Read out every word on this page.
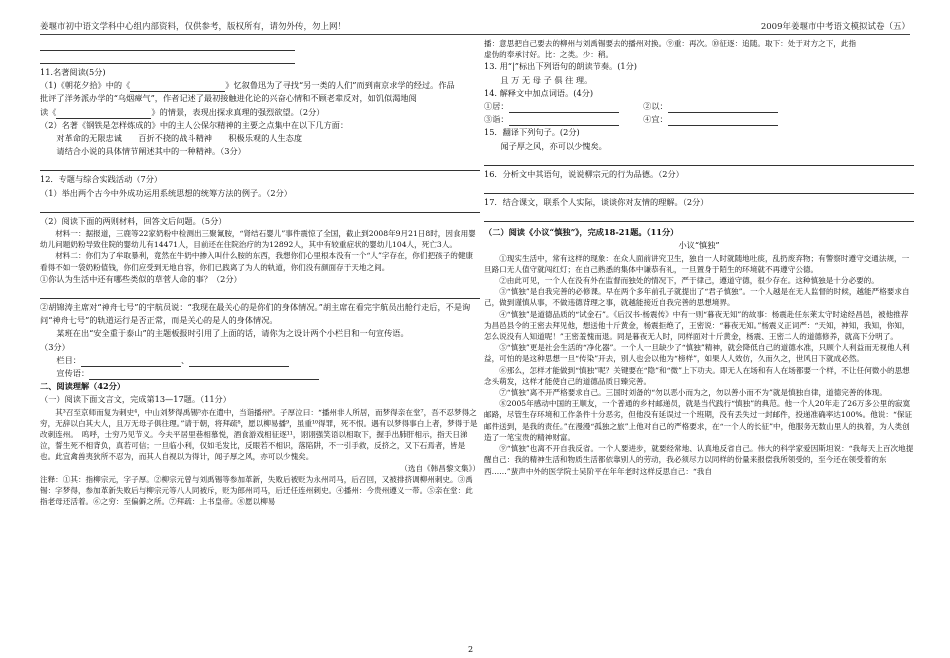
姜堰市初中语文学科中心组内部资料，仅供参考，版权所有，请勿外传，勿上网！	2009年姜堰市中考语文模拟试卷（五）

11.名著阅读(5分)

（1)《朝花夕拾》中的《	》忆叙鲁迅为了寻找“另一类的人们”而到南京求学的经过。作品

批评了洋务派办学的“乌烟瘴气”，作者记述了最初接触进化论的兴奋心情和不顾老辈反对，如饥似渴地阅

读《	》的情景，表现出探求真理的强烈欲望。（2分）

（2）名著《钢铁是怎样炼成的》中的主人公保尔精神的主要之点集中在以下几方面：

对革命的无限忠诚　　百折不挠的战斗精神　　积极乐观的人生态度

请结合小说的具体情节阐述其中的一种精神。（3分）

12．专题与综合实践活动（7分）

（1）举出两个古今中外成功运用系统思想的统筹方法的例子。（2分）

（2）阅读下面的两则材料，回答文后问题。（5分）

材料一：据报道，三鹿等22家奶粉中检测出三聚氰胺，“肾结石婴儿”事件震惊了全国，截止到2008年9月21日8时，因食用婴幼儿问题奶粉导致住院的婴幼儿有14471人，目前还在住院治疗的为12892人，其中有较重症状的婴幼儿104人，死亡3人。

材料二：你们为了牟取暴利，竟然在牛奶中掺入叫什么胺的东西，我想你们心里根本没有一个“人”字存在，你们把孩子的健康看得不如一袋奶粉值钱，你们应受到无地自容，你们已践离了为人的轨道，你们没有颜面存于天地之间。

①你认为生活中还有哪些类似的草菅人命的事？（2分）

②胡锦涛主席对“神舟七号”的宇航员说：“我现在最关心的是你们的身体情况。”胡主席在看完宇航员出舱行走后，不是询问“神舟七号”的轨道运行是否正常，而是关心的是人的身体情况。

某班在出“安全重于泰山”的主题板报时引用了上面的话，请你为之设计两个小栏目和一句宣传语。

（3分）

栏目：	、

宣传语：

二、阅读理解（42分）

（一）阅读下面文言文，完成第13—17题。（11分）

其³召至京师而复为刺史⁴，中山刘梦得禹锡⁵亦在遣中，当诣播州⁶。子厚泣曰：“播州非人所居，而梦得亲在堂⁷，吾不忍梦得之穷，无辞以白其大人，且万无母子俱往理。”请于朝，将拜疏⁸，愿以柳易播⁹，虽重¹⁰得罪，死不恨。遇有以梦得事白上者，梦得于是改刺连州。　呜呼，士穷乃见节义。今夫平居里巷相慕悦，酒食游戏相征逐¹¹，诩诩强笑语以相取下，握手出肺肝相示，指天日涕泣，誓生死不相背负，真若可信；一旦临小利，仅如毛发比，反眼若不相识，落陷阱，不一引手救，反挤之，又下石焉者，皆是也。此宜禽兽夷狄所不忍为，而其人自视以为得计，闻子厚之风，亦可以少愧矣。

（选自《韩昌黎文集》）

注释：①其：指柳宗元，字子厚。②柳宗元曾与刘禹锡等参加革新，失败后被贬为永州司马，后召回，又被排挤调柳州刺史。③禹锡：字梦得，参加革新失败后与柳宗元等八人同被斥，贬为郎州司马，后迁任连州刺史。④播州：今贵州遵义一带。⑤亲在堂：此指老母还活着。⑥之穷：至偏僻之所。⑦拜疏：上书皇帝。⑧愿以柳易

播：意思把自己要去的柳州与刘禹锡要去的播州对换。⑨重：再次。⑩征逐：追随。取下：处于对方之下，此指

虚伪的奉承讨好。比：之类。少：稍。

13. 用“|”标出下列语句的朗读节奏。(1分)

且 万 无 母 子 俱 往 理。

14. 解释文中加点词语。(4分)

①居：　　　	②以：

③诣：　　　	④宜：

15．翻译下列句子。(2分)

闻子厚之风，亦可以少愧矣。

16．分析文中其语句，说说柳宗元的行为品德。（2分）

17．结合课文，联系个人实际，谈谈你对友情的理解。（2分）

（二）阅读《小议“慎独”》，完成18-21题。（11分）

小议“慎独”

①现实生活中，常有这样的现象：在众人面前讲究卫生，独自一人时就随地吐痰，乱扔废弃物；有警察时遵守交通法规，一旦路口无人值守就闯红灯；在自己熟悉的集体中谦恭有礼，一旦置身于陌生的环境就不再遵守公德。

②由此可见，一个人在没有外在监督而独处的情况下，严于律己，遵道守德，很少存在。这种慎独是十分必要的。

③“慎独”是自我完善的必修课。早在两个多年前孔子就提出了“君子慎独”。一个人越是在无人监督的时候，越能严格要求自己，做到谨慎从事，不做违德背理之事，就越能接近自我完善的思想境界。

④“慎独”是道德品质的“试金石”。《后汉书·杨震传》中有一则“暮夜无知”的故事：杨震赴任东莱太守时途经昌邑，被他推荐为昌邑县令的王密去拜见他，想送他十斤黄金，杨震拒绝了，王密说：“暮夜无知。”杨震义正词严：“天知，神知，我知，你知，怎么说没有人知道呢！”王密羞愧而退。同是暮夜无人时，同样面对十斤黄金，杨震、王密二人的道德修养，就高下分明了。

⑤“慎独”更是社会生活的“净化器”。一个人一旦缺少了“慎独”精神，就会降低自己的道德水准，只顾个人利益而无视他人利益，可怕的是这种思想一旦“传染”开去，别人也会以他为“榜样”，如果人人效仿，久而久之，世风日下就成必然。

⑥那么，怎样才能做到“慎独”呢？关键要在“隐”和“微”上下功夫。即无人在场和有人在场都要一个样，不让任何微小的思想念头萌发，这样才能使自己的道德品质日臻完善。

⑦“慎独”离不开严格要求自己。三国时刘备的“勿以恶小而为之，勿以善小而不为”就是慎独自律，道德完善的体现。

⑧2005年感动中国的王顺友，一个普通的乡村邮递员，就是当代践行“慎独”的典范。他一个人20年走了26万多公里的寂寞邮路，尽管生存环境和工作条件十分恶劣，但他没有延误过一个班期，没有丢失过一封邮件，投递准确率达100%。他说：“保证邮件送到，是我的责任。”在漫漫“孤独之旅”上他对自己的严格要求，在“一个人的长征”中，他服务无数山里人的执着，为人类创造了一笔宝贵的精神财富。

⑨“慎独”也离不开自我反省。一个人要进步，就要经常地、认真地反省自己。伟大的科学家爱因斯坦说：“我每天上百次地提醒自己：我的精神生活和物质生活都依靠别人的劳动，我必须尽力以同样的份量来报偿我所领受的，至今还在领受着的东西……”蜚声中外的医学院士吴阶平在年年老时这样反思自己：“我自

2
